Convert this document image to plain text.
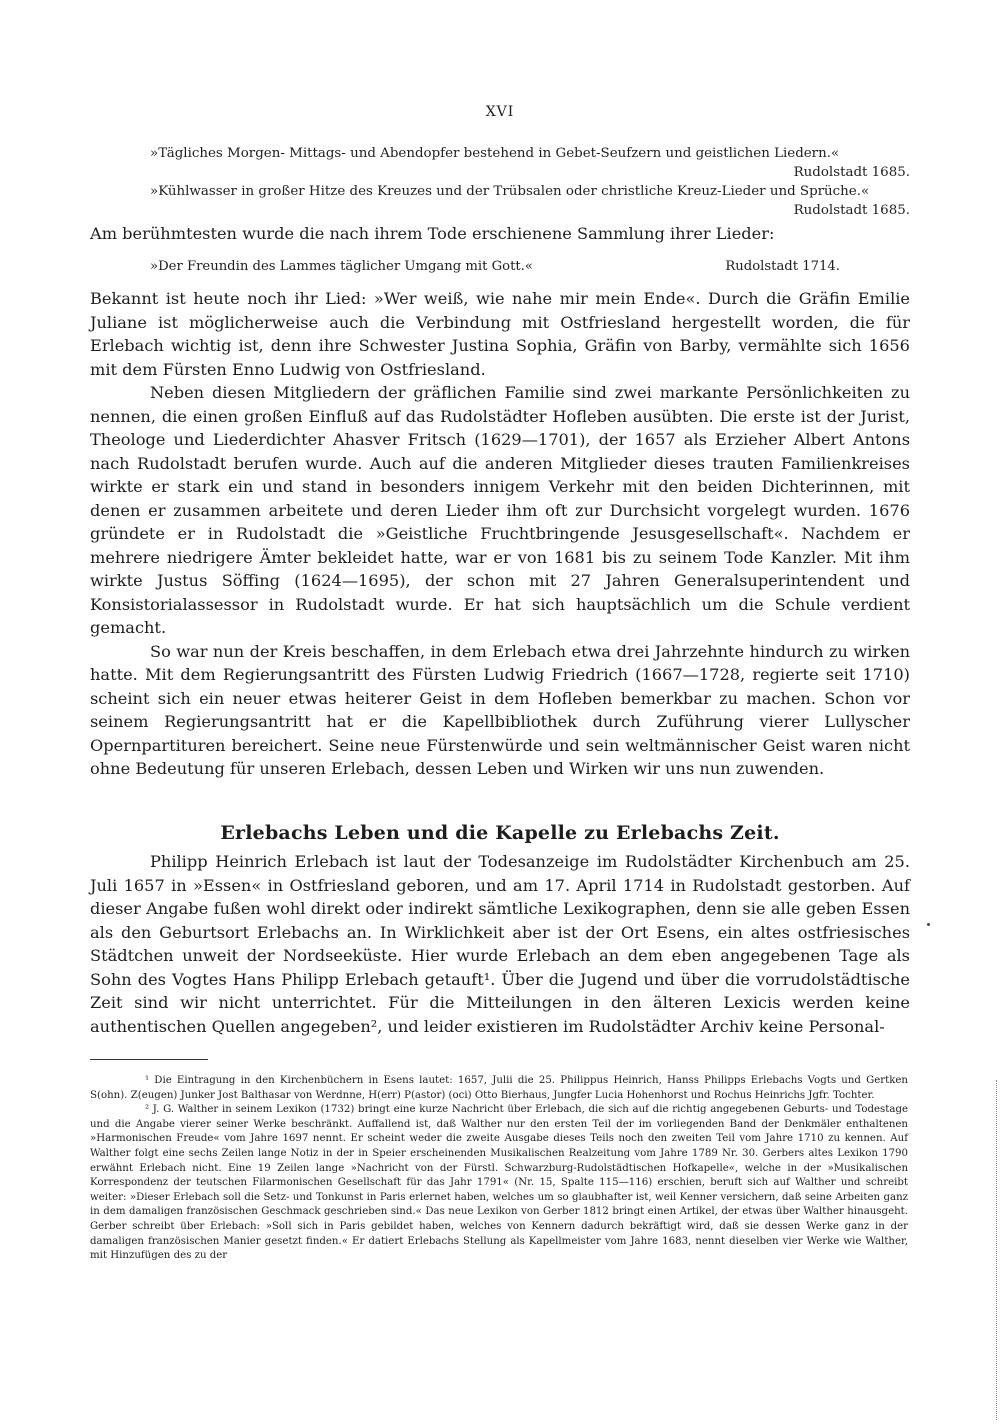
XVI
»Tägliches Morgen- Mittags- und Abendopfer bestehend in Gebet-Seufzern und geistlichen Liedern.«
Rudolstadt 1685.
»Kühlwasser in großer Hitze des Kreuzes und der Trübsalen oder christliche Kreuz-Lieder und Sprüche.«
Rudolstadt 1685.
Am berühmtesten wurde die nach ihrem Tode erschienene Sammlung ihrer Lieder:
»Der Freundin des Lammes täglicher Umgang mit Gott.«	Rudolstadt 1714.

Bekannt ist heute noch ihr Lied: »Wer weiß, wie nahe mir mein Ende«. Durch die Gräfin Emilie Juliane ist möglicherweise auch die Verbindung mit Ostfriesland hergestellt worden, die für Erlebach wichtig ist, denn ihre Schwester Justina Sophia, Gräfin von Barby, vermählte sich 1656 mit dem Fürsten Enno Ludwig von Ostfriesland.

Neben diesen Mitgliedern der gräflichen Familie sind zwei markante Persönlichkeiten zu nennen, die einen großen Einfluß auf das Rudolstädter Hofleben ausübten. Die erste ist der Jurist, Theologe und Liederdichter Ahasver Fritsch (1629—1701), der 1657 als Erzieher Albert Antons nach Rudolstadt berufen wurde. Auch auf die anderen Mitglieder dieses trauten Familienkreises wirkte er stark ein und stand in besonders innigem Verkehr mit den beiden Dichterinnen, mit denen er zusammen arbeitete und deren Lieder ihm oft zur Durchsicht vorgelegt wurden. 1676 gründete er in Rudolstadt die »Geistliche Fruchtbringende Jesusgesellschaft«. Nachdem er mehrere niedrigere Ämter bekleidet hatte, war er von 1681 bis zu seinem Tode Kanzler. Mit ihm wirkte Justus Söffing (1624—1695), der schon mit 27 Jahren Generalsuperintendent und Konsistorialassessor in Rudolstadt wurde. Er hat sich hauptsächlich um die Schule verdient gemacht.

So war nun der Kreis beschaffen, in dem Erlebach etwa drei Jahrzehnte hindurch zu wirken hatte. Mit dem Regierungsantritt des Fürsten Ludwig Friedrich (1667—1728, regierte seit 1710) scheint sich ein neuer etwas heiterer Geist in dem Hofleben bemerkbar zu machen. Schon vor seinem Regierungsantritt hat er die Kapellbibliothek durch Zuführung vierer Lullyscher Opernpartituren bereichert. Seine neue Fürstenwürde und sein weltmännischer Geist waren nicht ohne Bedeutung für unseren Erlebach, dessen Leben und Wirken wir uns nun zuwenden.

Erlebachs Leben und die Kapelle zu Erlebachs Zeit.

Philipp Heinrich Erlebach ist laut der Todesanzeige im Rudolstädter Kirchenbuch am 25. Juli 1657 in »Essen« in Ostfriesland geboren, und am 17. April 1714 in Rudolstadt gestorben. Auf dieser Angabe fußen wohl direkt oder indirekt sämtliche Lexikographen, denn sie alle geben Essen als den Geburtsort Erlebachs an. In Wirklichkeit aber ist der Ort Esens, ein altes ostfriesisches Städtchen unweit der Nordseeküste. Hier wurde Erlebach an dem eben angegebenen Tage als Sohn des Vogtes Hans Philipp Erlebach getauft¹. Über die Jugend und über die vorrudolstädtische Zeit sind wir nicht unterrichtet. Für die Mitteilungen in den älteren Lexicis werden keine authentischen Quellen angegeben², und leider existieren im Rudolstädter Archiv keine Personal-

¹ Die Eintragung in den Kirchenbüchern in Esens lautet: 1657, Julii die 25. Philippus Heinrich, Hanss Philipps Erlebachs Vogts und Gertken S(ohn). Z(eugen) Junker Jost Balthasar von Werdnne, H(err) P(astor) (oci) Otto Bierhaus, Jungfer Lucia Hohenhorst und Rochus Heinrichs Jgfr. Tochter.

² J. G. Walther in seinem Lexikon (1732) bringt eine kurze Nachricht über Erlebach, die sich auf die richtig angegebenen Geburts- und Todestage und die Angabe vierer seiner Werke beschränkt. Auffallend ist, daß Walther nur den ersten Teil der im vorliegenden Band der Denkmäler enthaltenen »Harmonischen Freude« vom Jahre 1697 nennt. Er scheint weder die zweite Ausgabe dieses Teils noch den zweiten Teil vom Jahre 1710 zu kennen. Auf Walther folgt eine sechs Zeilen lange Notiz in der in Speier erscheinenden Musikalischen Realzeitung vom Jahre 1789 Nr. 30. Gerbers altes Lexikon 1790 erwähnt Erlebach nicht. Eine 19 Zeilen lange »Nachricht von der Fürstl. Schwarzburg-Rudolstädtischen Hofkapelle«, welche in der »Musikalischen Korrespondenz der teutschen Filarmonischen Gesellschaft für das Jahr 1791« (Nr. 15, Spalte 115—116) erschien, beruft sich auf Walther und schreibt weiter: »Dieser Erlebach soll die Setz- und Tonkunst in Paris erlernet haben, welches um so glaubhafter ist, weil Kenner versichern, daß seine Arbeiten ganz in dem damaligen französischen Geschmack geschrieben sind.« Das neue Lexikon von Gerber 1812 bringt einen Artikel, der etwas über Walther hinausgeht. Gerber schreibt über Erlebach: »Soll sich in Paris gebildet haben, welches von Kennern dadurch bekräftigt wird, daß sie dessen Werke ganz in der damaligen französischen Manier gesetzt finden.« Er datiert Erlebachs Stellung als Kapellmeister vom Jahre 1683, nennt dieselben vier Werke wie Walther, mit Hinzufügen des zu der
